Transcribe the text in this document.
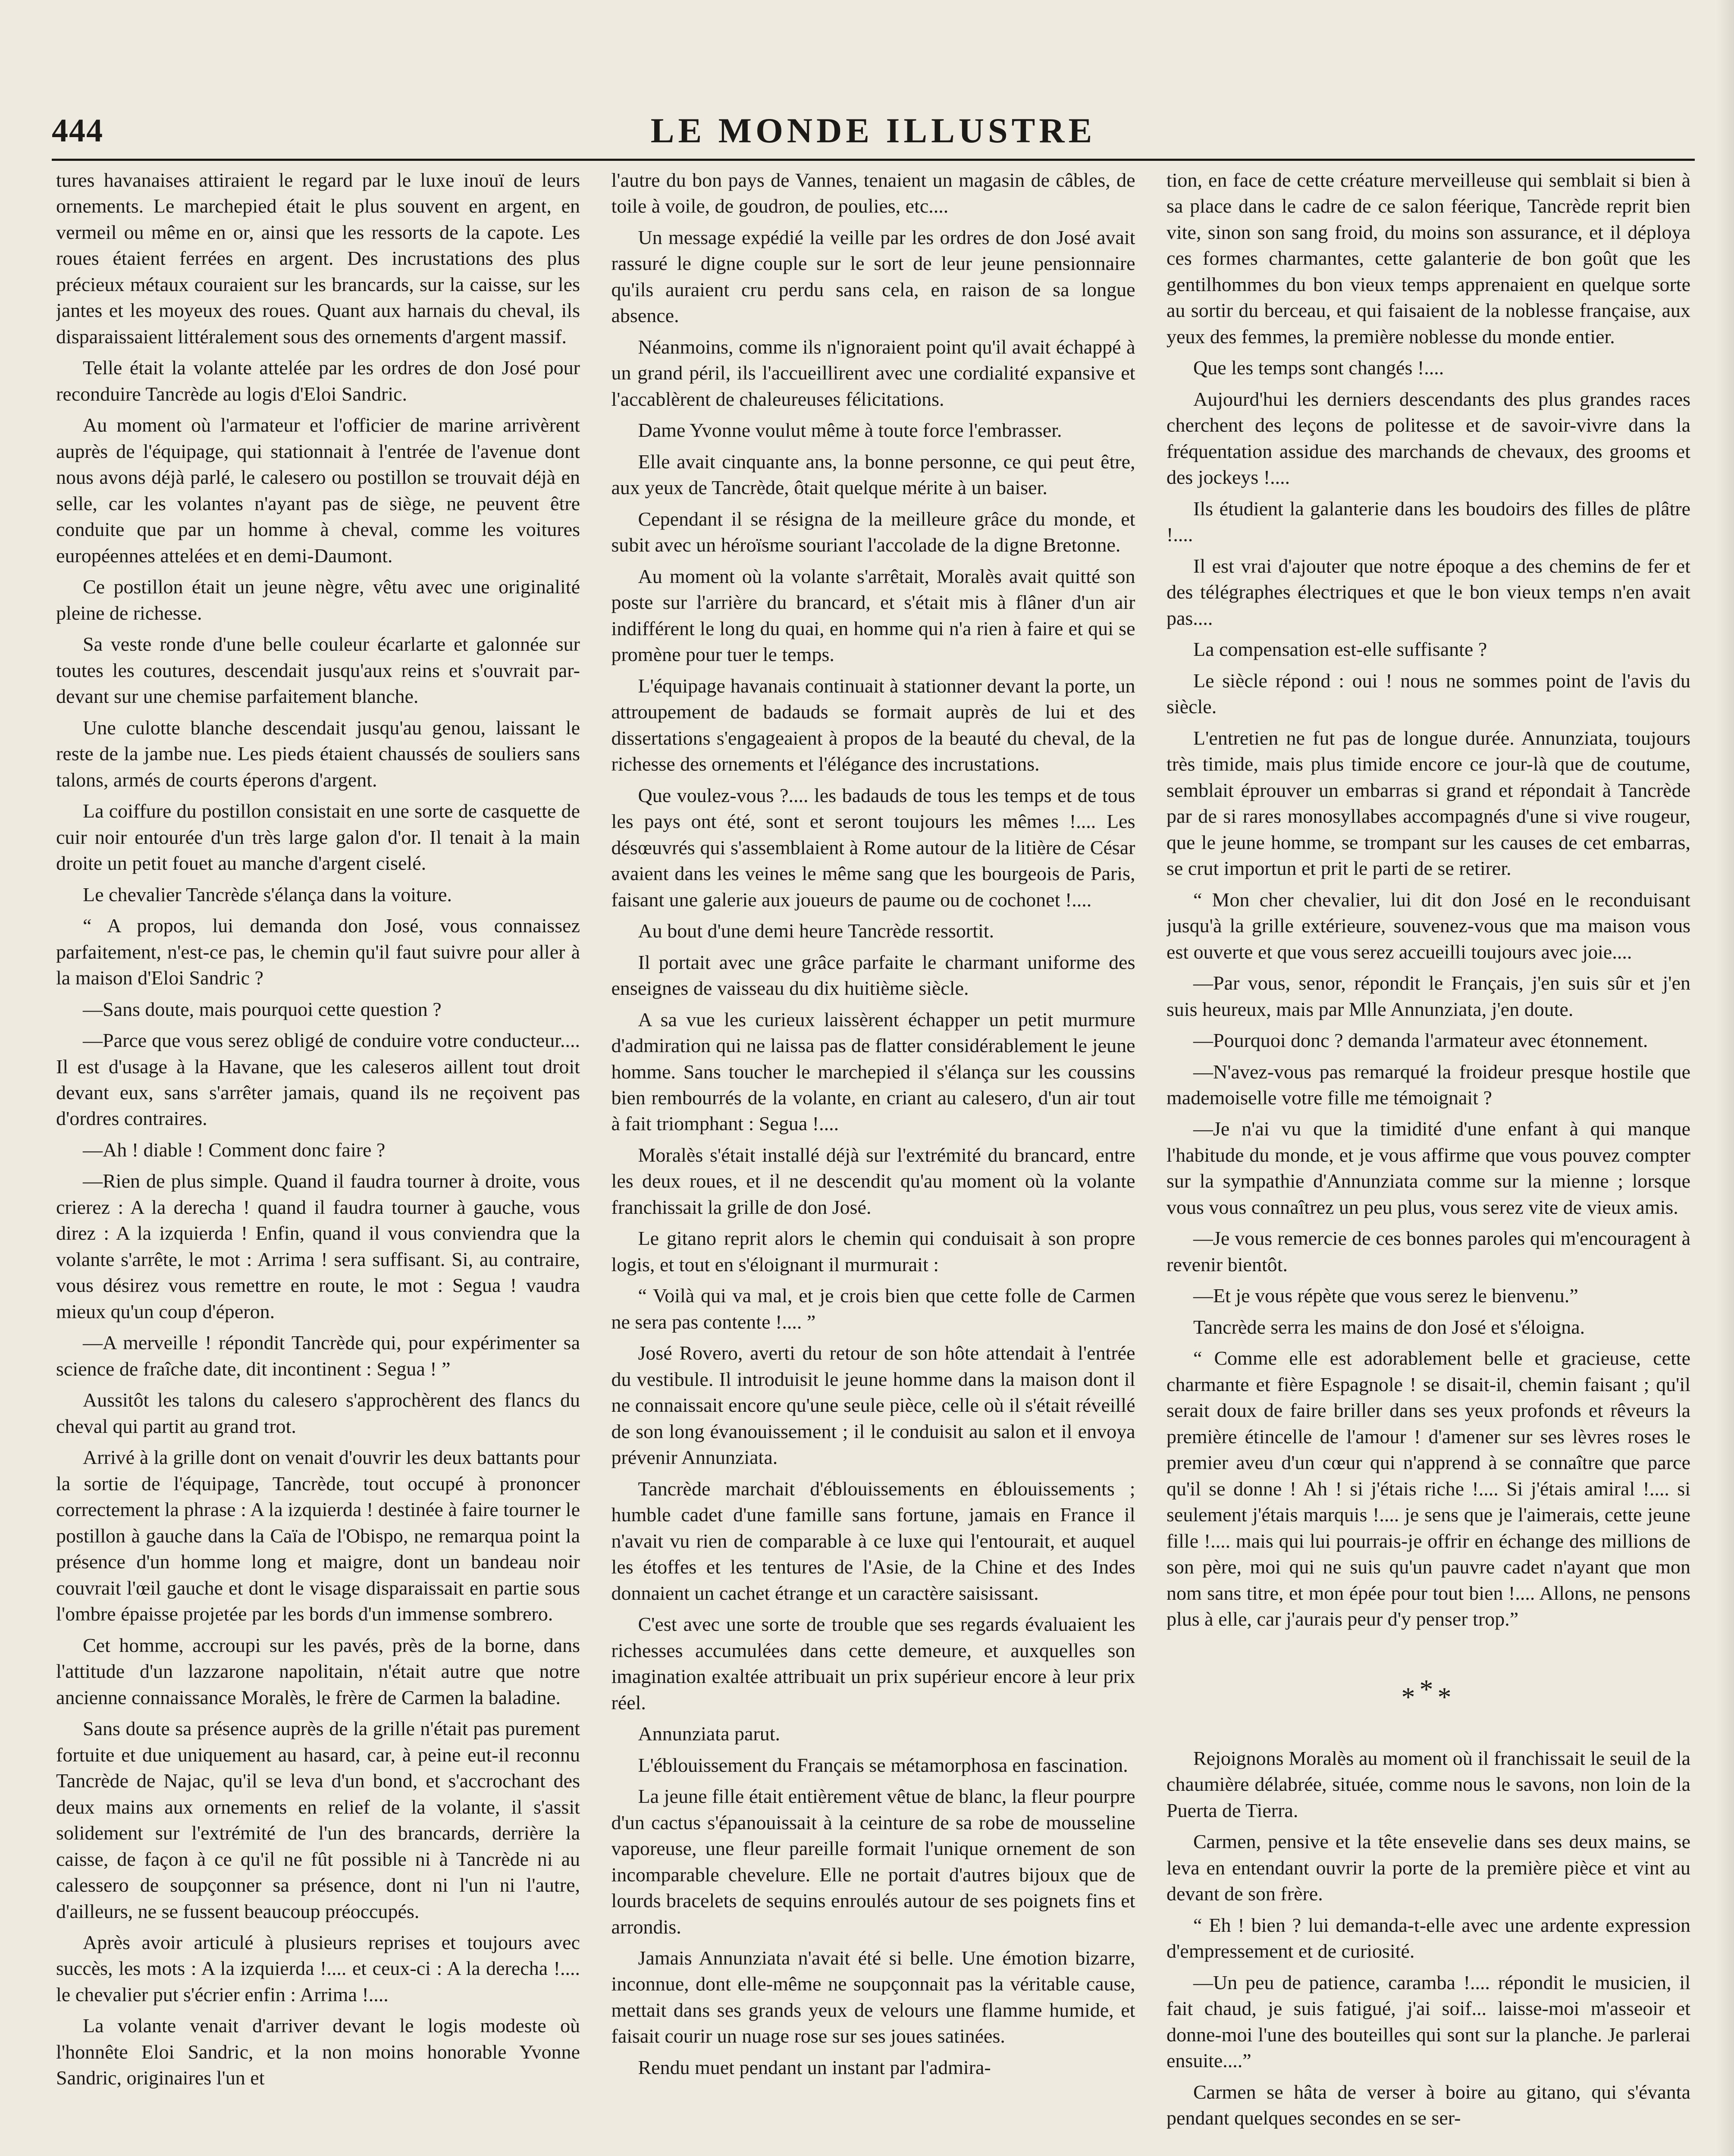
444	LE MONDE ILLUSTRE

tures havanaises attiraient le regard par le luxe inouï de leurs ornements. Le marchepied était le plus souvent en argent, en vermeil ou même en or, ainsi que les ressorts de la capote. Les roues étaient ferrées en argent. Des incrustations des plus précieux métaux couraient sur les brancards, sur la caisse, sur les jantes et les moyeux des roues. Quant aux harnais du cheval, ils disparaissaient littéralement sous des ornements d'argent massif.

Telle était la volante attelée par les ordres de don José pour reconduire Tancrède au logis d'Eloi Sandric.

Au moment où l'armateur et l'officier de marine arrivèrent auprès de l'équipage, qui stationnait à l'entrée de l'avenue dont nous avons déjà parlé, le calesero ou postillon se trouvait déjà en selle, car les volantes n'ayant pas de siège, ne peuvent être conduite que par un homme à cheval, comme les voitures européennes attelées et en demi-Daumont.

Ce postillon était un jeune nègre, vêtu avec une originalité pleine de richesse.

Sa veste ronde d'une belle couleur écarlarte et galonnée sur toutes les coutures, descendait jusqu'aux reins et s'ouvrait par-devant sur une chemise parfaitement blanche.

Une culotte blanche descendait jusqu'au genou, laissant le reste de la jambe nue. Les pieds étaient chaussés de souliers sans talons, armés de courts éperons d'argent.

La coiffure du postillon consistait en une sorte de casquette de cuir noir entourée d'un très large galon d'or. Il tenait à la main droite un petit fouet au manche d'argent ciselé.

Le chevalier Tancrède s'élança dans la voiture.

“ A propos, lui demanda don José, vous connaissez parfaitement, n'est-ce pas, le chemin qu'il faut suivre pour aller à la maison d'Eloi Sandric ?

—Sans doute, mais pourquoi cette question ?

—Parce que vous serez obligé de conduire votre conducteur.... Il est d'usage à la Havane, que les caleseros aillent tout droit devant eux, sans s'arrêter jamais, quand ils ne reçoivent pas d'ordres contraires.

—Ah ! diable ! Comment donc faire ?

—Rien de plus simple. Quand il faudra tourner à droite, vous crierez : A la derecha ! quand il faudra tourner à gauche, vous direz : A la izquierda ! Enfin, quand il vous conviendra que la volante s'arrête, le mot : Arrima ! sera suffisant. Si, au contraire, vous désirez vous remettre en route, le mot : Segua ! vaudra mieux qu'un coup d'éperon.

—A merveille ! répondit Tancrède qui, pour expérimenter sa science de fraîche date, dit incontinent : Segua ! ”

Aussitôt les talons du calesero s'approchèrent des flancs du cheval qui partit au grand trot.

Arrivé à la grille dont on venait d'ouvrir les deux battants pour la sortie de l'équipage, Tancrède, tout occupé à prononcer correctement la phrase : A la izquierda ! destinée à faire tourner le postillon à gauche dans la Caïa de l'Obispo, ne remarqua point la présence d'un homme long et maigre, dont un bandeau noir couvrait l'œil gauche et dont le visage disparaissait en partie sous l'ombre épaisse projetée par les bords d'un immense sombrero.

Cet homme, accroupi sur les pavés, près de la borne, dans l'attitude d'un lazzarone napolitain, n'était autre que notre ancienne connaissance Moralès, le frère de Carmen la baladine.

Sans doute sa présence auprès de la grille n'était pas purement fortuite et due uniquement au hasard, car, à peine eut-il reconnu Tancrède de Najac, qu'il se leva d'un bond, et s'accrochant des deux mains aux ornements en relief de la volante, il s'assit solidement sur l'extrémité de l'un des brancards, derrière la caisse, de façon à ce qu'il ne fût possible ni à Tancrède ni au calessero de soupçonner sa présence, dont ni l'un ni l'autre, d'ailleurs, ne se fussent beaucoup préoccupés.

Après avoir articulé à plusieurs reprises et toujours avec succès, les mots : A la izquierda !.... et ceux-ci : A la derecha !.... le chevalier put s'écrier enfin : Arrima !....

La volante venait d'arriver devant le logis modeste où l'honnête Eloi Sandric, et la non moins honorable Yvonne Sandric, originaires l'un et

l'autre du bon pays de Vannes, tenaient un magasin de câbles, de toile à voile, de goudron, de poulies, etc....

Un message expédié la veille par les ordres de don José avait rassuré le digne couple sur le sort de leur jeune pensionnaire qu'ils auraient cru perdu sans cela, en raison de sa longue absence.

Néanmoins, comme ils n'ignoraient point qu'il avait échappé à un grand péril, ils l'accueillirent avec une cordialité expansive et l'accablèrent de chaleureuses félicitations.

Dame Yvonne voulut même à toute force l'embrasser.

Elle avait cinquante ans, la bonne personne, ce qui peut être, aux yeux de Tancrède, ôtait quelque mérite à un baiser.

Cependant il se résigna de la meilleure grâce du monde, et subit avec un héroïsme souriant l'accolade de la digne Bretonne.

Au moment où la volante s'arrêtait, Moralès avait quitté son poste sur l'arrière du brancard, et s'était mis à flâner d'un air indifférent le long du quai, en homme qui n'a rien à faire et qui se promène pour tuer le temps.

L'équipage havanais continuait à stationner devant la porte, un attroupement de badauds se formait auprès de lui et des dissertations s'engageaient à propos de la beauté du cheval, de la richesse des ornements et l'élégance des incrustations.

Que voulez-vous ?.... les badauds de tous les temps et de tous les pays ont été, sont et seront toujours les mêmes !.... Les désœuvrés qui s'assemblaient à Rome autour de la litière de César avaient dans les veines le même sang que les bourgeois de Paris, faisant une galerie aux joueurs de paume ou de cochonet !....

Au bout d'une demi heure Tancrède ressortit.

Il portait avec une grâce parfaite le charmant uniforme des enseignes de vaisseau du dix huitième siècle.

A sa vue les curieux laissèrent échapper un petit murmure d'admiration qui ne laissa pas de flatter considérablement le jeune homme. Sans toucher le marchepied il s'élança sur les coussins bien rembourrés de la volante, en criant au calesero, d'un air tout à fait triomphant : Segua !....

Moralès s'était installé déjà sur l'extrémité du brancard, entre les deux roues, et il ne descendit qu'au moment où la volante franchissait la grille de don José.

Le gitano reprit alors le chemin qui conduisait à son propre logis, et tout en s'éloignant il murmurait :

“ Voilà qui va mal, et je crois bien que cette folle de Carmen ne sera pas contente !.... ”

José Rovero, averti du retour de son hôte attendait à l'entrée du vestibule. Il introduisit le jeune homme dans la maison dont il ne connaissait encore qu'une seule pièce, celle où il s'était réveillé de son long évanouissement ; il le conduisit au salon et il envoya prévenir Annunziata.

Tancrède marchait d'éblouissements en éblouissements ; humble cadet d'une famille sans fortune, jamais en France il n'avait vu rien de comparable à ce luxe qui l'entourait, et auquel les étoffes et les tentures de l'Asie, de la Chine et des Indes donnaient un cachet étrange et un caractère saisissant.

C'est avec une sorte de trouble que ses regards évaluaient les richesses accumulées dans cette demeure, et auxquelles son imagination exaltée attribuait un prix supérieur encore à leur prix réel.

Annunziata parut.

L'éblouissement du Français se métamorphosa en fascination.

La jeune fille était entièrement vêtue de blanc, la fleur pourpre d'un cactus s'épanouissait à la ceinture de sa robe de mousseline vaporeuse, une fleur pareille formait l'unique ornement de son incomparable chevelure. Elle ne portait d'autres bijoux que de lourds bracelets de sequins enroulés autour de ses poignets fins et arrondis.

Jamais Annunziata n'avait été si belle. Une émotion bizarre, inconnue, dont elle-même ne soupçonnait pas la véritable cause, mettait dans ses grands yeux de velours une flamme humide, et faisait courir un nuage rose sur ses joues satinées.

Rendu muet pendant un instant par l'admira-

tion, en face de cette créature merveilleuse qui semblait si bien à sa place dans le cadre de ce salon féerique, Tancrède reprit bien vite, sinon son sang froid, du moins son assurance, et il déploya ces formes charmantes, cette galanterie de bon goût que les gentilhommes du bon vieux temps apprenaient en quelque sorte au sortir du berceau, et qui faisaient de la noblesse française, aux yeux des femmes, la première noblesse du monde entier.

Que les temps sont changés !....

Aujourd'hui les derniers descendants des plus grandes races cherchent des leçons de politesse et de savoir-vivre dans la fréquentation assidue des marchands de chevaux, des grooms et des jockeys !....

Ils étudient la galanterie dans les boudoirs des filles de plâtre !....

Il est vrai d'ajouter que notre époque a des chemins de fer et des télégraphes électriques et que le bon vieux temps n'en avait pas....

La compensation est-elle suffisante ?

Le siècle répond : oui ! nous ne sommes point de l'avis du siècle.

L'entretien ne fut pas de longue durée. Annunziata, toujours très timide, mais plus timide encore ce jour-là que de coutume, semblait éprouver un embarras si grand et répondait à Tancrède par de si rares monosyllabes accompagnés d'une si vive rougeur, que le jeune homme, se trompant sur les causes de cet embarras, se crut importun et prit le parti de se retirer.

“ Mon cher chevalier, lui dit don José en le reconduisant jusqu'à la grille extérieure, souvenez-vous que ma maison vous est ouverte et que vous serez accueilli toujours avec joie....

—Par vous, senor, répondit le Français, j'en suis sûr et j'en suis heureux, mais par Mlle Annunziata, j'en doute.

—Pourquoi donc ? demanda l'armateur avec étonnement.

—N'avez-vous pas remarqué la froideur presque hostile que mademoiselle votre fille me témoignait ?

—Je n'ai vu que la timidité d'une enfant à qui manque l'habitude du monde, et je vous affirme que vous pouvez compter sur la sympathie d'Annunziata comme sur la mienne ; lorsque vous vous connaîtrez un peu plus, vous serez vite de vieux amis.

—Je vous remercie de ces bonnes paroles qui m'encouragent à revenir bientôt.

—Et je vous répète que vous serez le bienvenu.”

Tancrède serra les mains de don José et s'éloigna.

“ Comme elle est adorablement belle et gracieuse, cette charmante et fière Espagnole ! se disait-il, chemin faisant ; qu'il serait doux de faire briller dans ses yeux profonds et rêveurs la première étincelle de l'amour ! d'amener sur ses lèvres roses le premier aveu d'un cœur qui n'apprend à se connaître que parce qu'il se donne ! Ah ! si j'étais riche !.... Si j'étais amiral !.... si seulement j'étais marquis !.... je sens que je l'aimerais, cette jeune fille !.... mais qui lui pourrais-je offrir en échange des millions de son père, moi qui ne suis qu'un pauvre cadet n'ayant que mon nom sans titre, et mon épée pour tout bien !.... Allons, ne pensons plus à elle, car j'aurais peur d'y penser trop.”

***

Rejoignons Moralès au moment où il franchissait le seuil de la chaumière délabrée, située, comme nous le savons, non loin de la Puerta de Tierra.

Carmen, pensive et la tête ensevelie dans ses deux mains, se leva en entendant ouvrir la porte de la première pièce et vint au devant de son frère.

“ Eh ! bien ? lui demanda-t-elle avec une ardente expression d'empressement et de curiosité.

—Un peu de patience, caramba !.... répondit le musicien, il fait chaud, je suis fatigué, j'ai soif... laisse-moi m'asseoir et donne-moi l'une des bouteilles qui sont sur la planche. Je parlerai ensuite....”

Carmen se hâta de verser à boire au gitano, qui s'évanta pendant quelques secondes en se ser-
